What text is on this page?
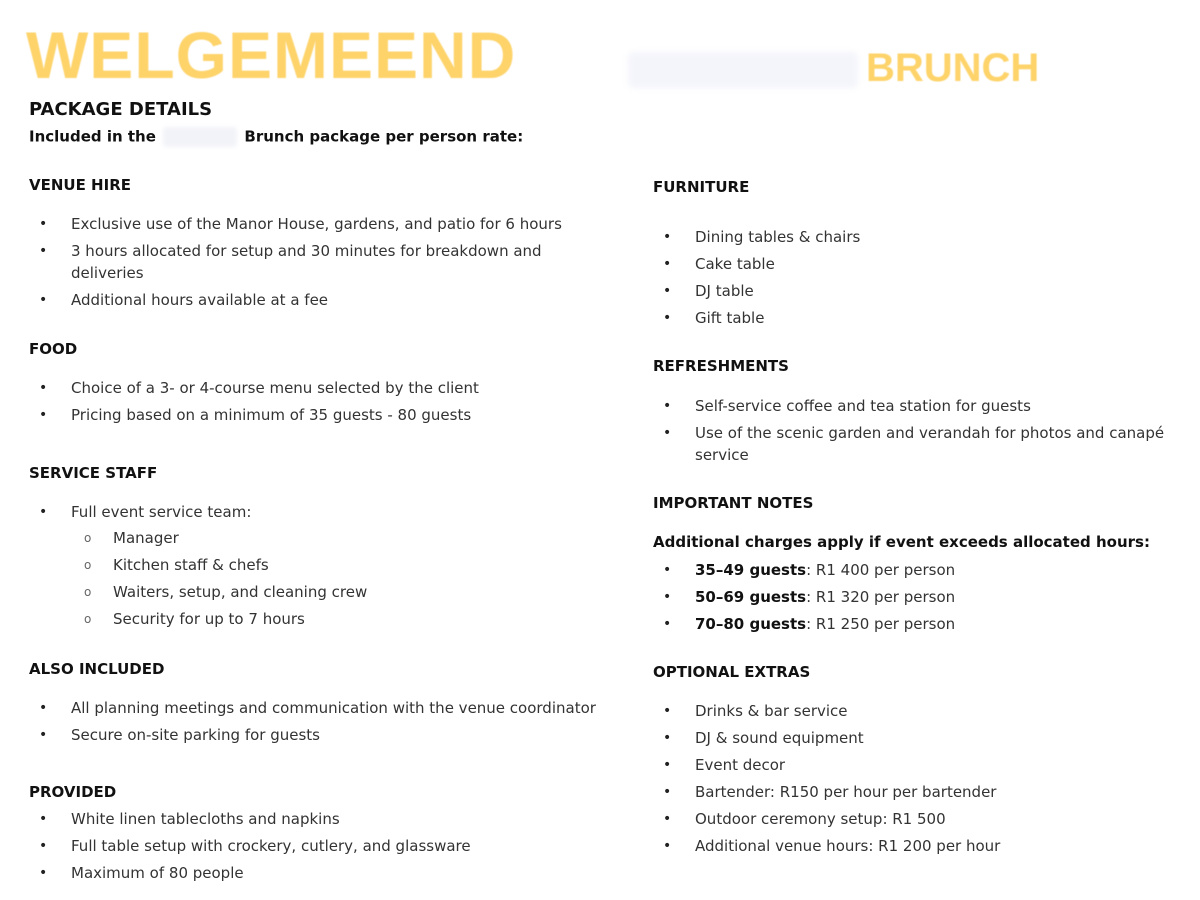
WELGEMEEND	BRUNCH
PACKAGE DETAILS
Included in the	Brunch package per person rate:
VENUE HIRE
• Exclusive use of the Manor House, gardens, and patio for 6 hours
• 3 hours allocated for setup and 30 minutes for breakdown and deliveries
• Additional hours available at a fee
FOOD
• Choice of a 3- or 4-course menu selected by the client
• Pricing based on a minimum of 35 guests - 80 guests
SERVICE STAFF
• Full event service team:
o Manager
o Kitchen staff & chefs
o Waiters, setup, and cleaning crew
o Security for up to 7 hours
ALSO INCLUDED
• All planning meetings and communication with the venue coordinator
• Secure on-site parking for guests
PROVIDED
• White linen tablecloths and napkins
• Full table setup with crockery, cutlery, and glassware
• Maximum of 80 people
FURNITURE
• Dining tables & chairs
• Cake table
• DJ table
• Gift table
REFRESHMENTS
• Self-service coffee and tea station for guests
• Use of the scenic garden and verandah for photos and canapé service
IMPORTANT NOTES
Additional charges apply if event exceeds allocated hours:
• 35–49 guests: R1 400 per person
• 50–69 guests: R1 320 per person
• 70–80 guests: R1 250 per person
OPTIONAL EXTRAS
• Drinks & bar service
• DJ & sound equipment
• Event decor
• Bartender: R150 per hour per bartender
• Outdoor ceremony setup: R1 500
• Additional venue hours: R1 200 per hour
